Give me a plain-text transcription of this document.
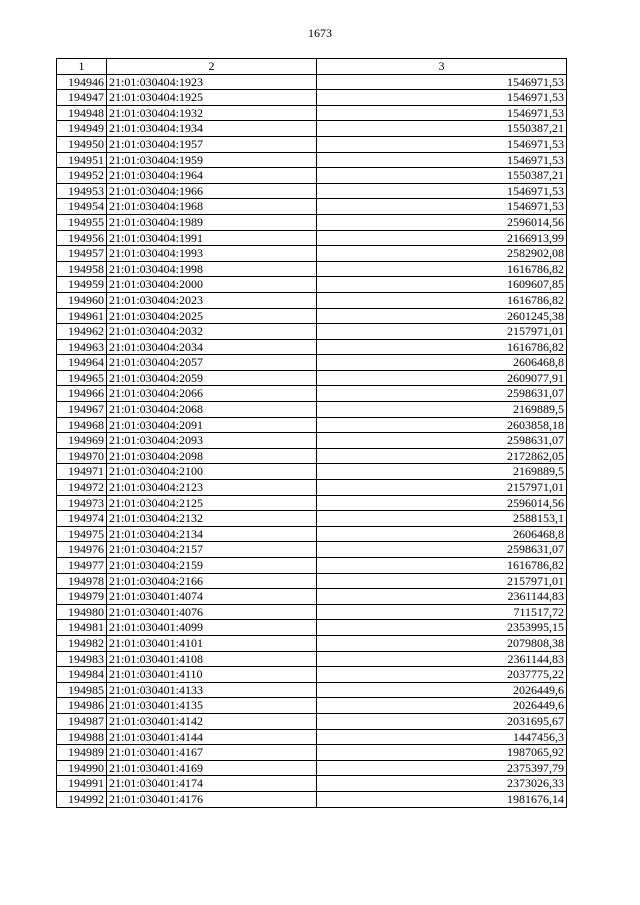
1673
1	2	3
194946	21:01:030404:1923	1546971,53
194947	21:01:030404:1925	1546971,53
194948	21:01:030404:1932	1546971,53
194949	21:01:030404:1934	1550387,21
194950	21:01:030404:1957	1546971,53
194951	21:01:030404:1959	1546971,53
194952	21:01:030404:1964	1550387,21
194953	21:01:030404:1966	1546971,53
194954	21:01:030404:1968	1546971,53
194955	21:01:030404:1989	2596014,56
194956	21:01:030404:1991	2166913,99
194957	21:01:030404:1993	2582902,08
194958	21:01:030404:1998	1616786,82
194959	21:01:030404:2000	1609607,85
194960	21:01:030404:2023	1616786,82
194961	21:01:030404:2025	2601245,38
194962	21:01:030404:2032	2157971,01
194963	21:01:030404:2034	1616786,82
194964	21:01:030404:2057	2606468,8
194965	21:01:030404:2059	2609077,91
194966	21:01:030404:2066	2598631,07
194967	21:01:030404:2068	2169889,5
194968	21:01:030404:2091	2603858,18
194969	21:01:030404:2093	2598631,07
194970	21:01:030404:2098	2172862,05
194971	21:01:030404:2100	2169889,5
194972	21:01:030404:2123	2157971,01
194973	21:01:030404:2125	2596014,56
194974	21:01:030404:2132	2588153,1
194975	21:01:030404:2134	2606468,8
194976	21:01:030404:2157	2598631,07
194977	21:01:030404:2159	1616786,82
194978	21:01:030404:2166	2157971,01
194979	21:01:030401:4074	2361144,83
194980	21:01:030401:4076	711517,72
194981	21:01:030401:4099	2353995,15
194982	21:01:030401:4101	2079808,38
194983	21:01:030401:4108	2361144,83
194984	21:01:030401:4110	2037775,22
194985	21:01:030401:4133	2026449,6
194986	21:01:030401:4135	2026449,6
194987	21:01:030401:4142	2031695,67
194988	21:01:030401:4144	1447456,3
194989	21:01:030401:4167	1987065,92
194990	21:01:030401:4169	2375397,79
194991	21:01:030401:4174	2373026,33
194992	21:01:030401:4176	1981676,14
